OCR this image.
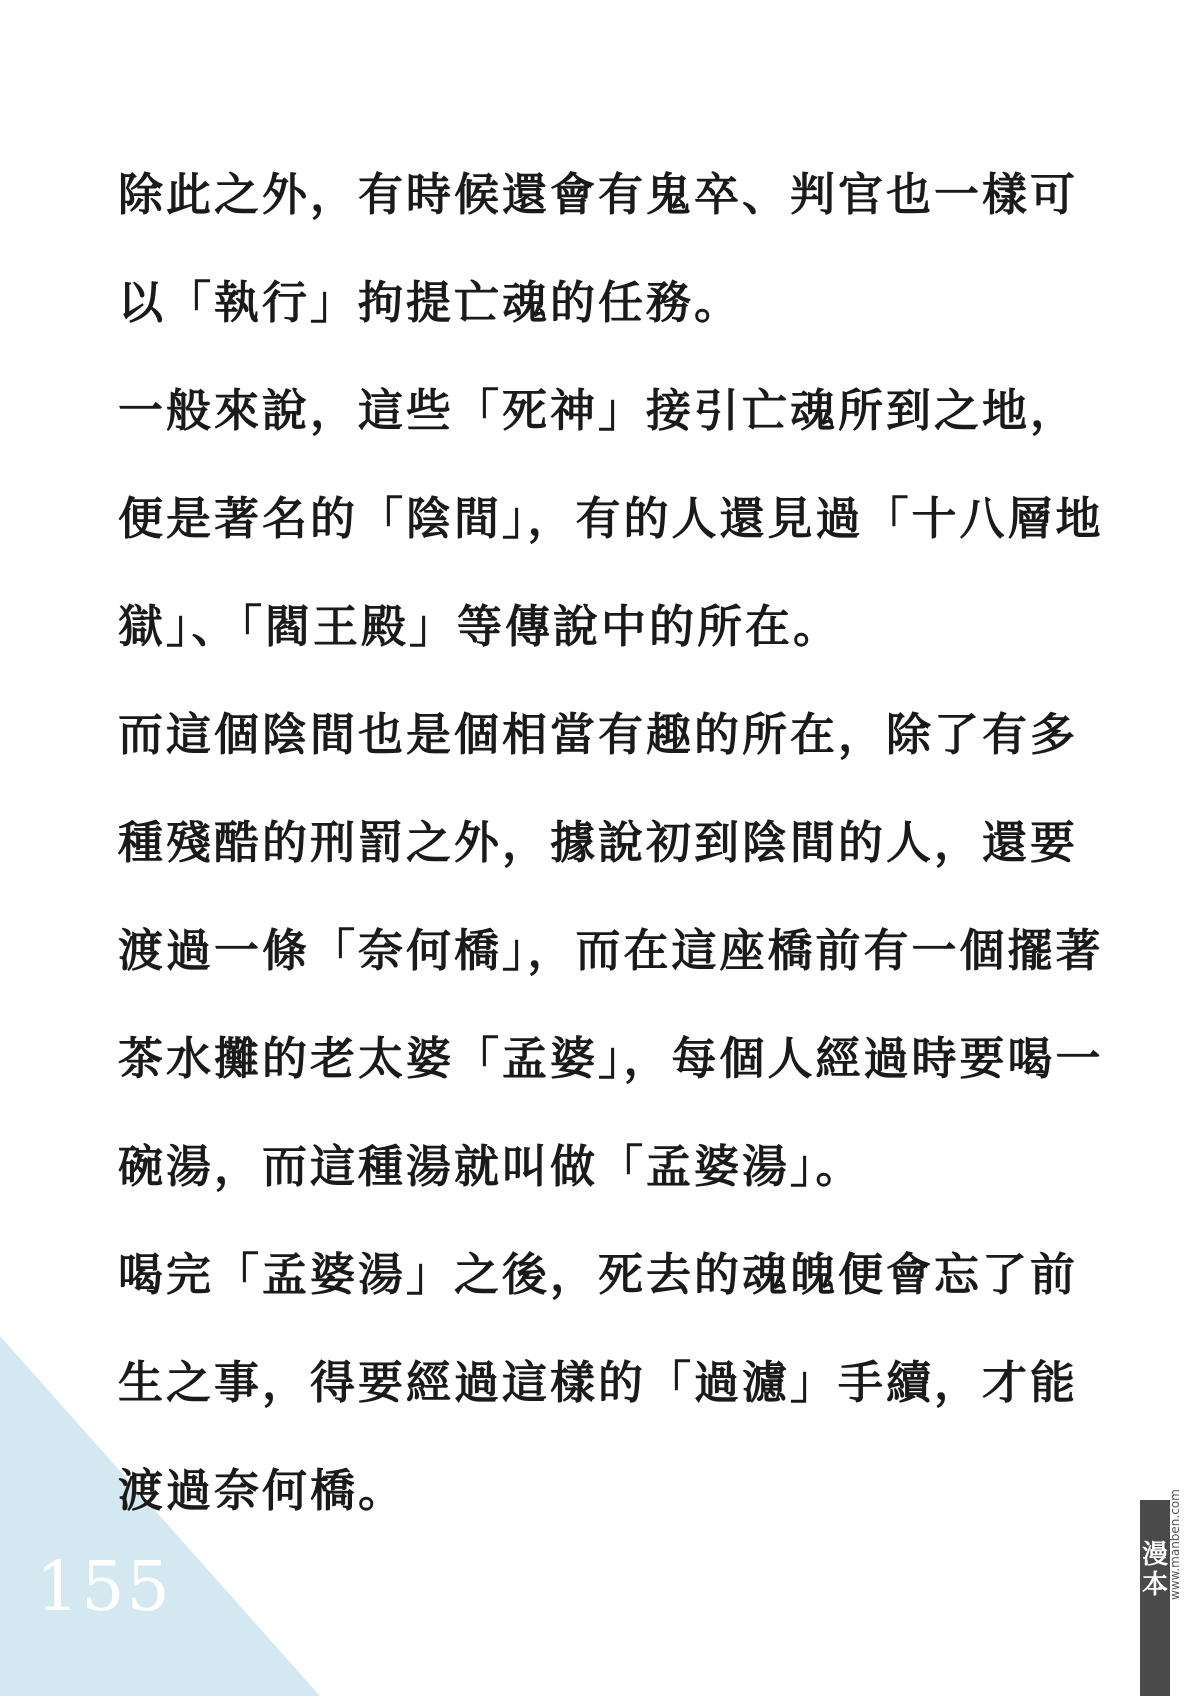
除此之外，有時候還會有鬼卒、判官也一樣可
以「執行」拘提亡魂的任務。
一般來說，這些「死神」接引亡魂所到之地，
便是著名的「陰間」，有的人還見過「十八層地
獄」、「閻王殿」等傳說中的所在。
而這個陰間也是個相當有趣的所在，除了有多
種殘酷的刑罰之外，據說初到陰間的人，還要
渡過一條「奈何橋」，而在這座橋前有一個擺著
茶水攤的老太婆「孟婆」，每個人經過時要喝一
碗湯，而這種湯就叫做「孟婆湯」。
喝完「孟婆湯」之後，死去的魂魄便會忘了前
生之事，得要經過這樣的「過濾」手續，才能
渡過奈何橋。
155	漫本 www.manben.com
